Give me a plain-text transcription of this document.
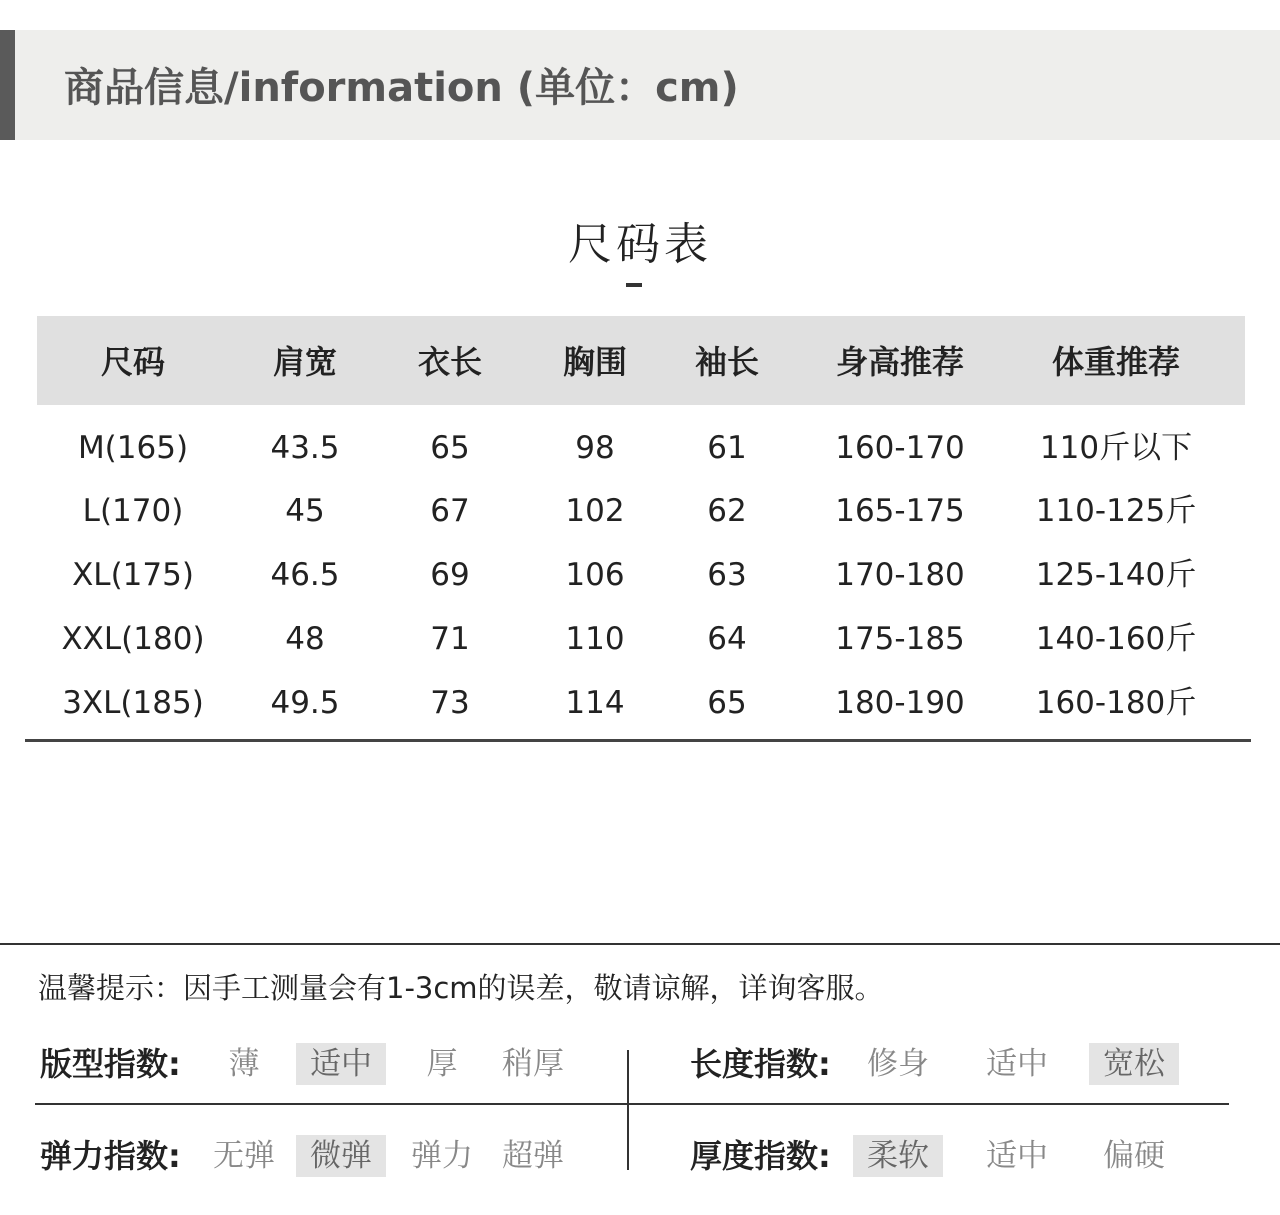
商品信息/information (单位：cm)
尺码表
尺码	肩宽	衣长	胸围	袖长	身高推荐	体重推荐
M(165)	43.5	65	98	61	160-170	110斤以下
L(170)	45	67	102	62	165-175	110-125斤
XL(175)	46.5	69	106	63	170-180	125-140斤
XXL(180)	48	71	110	64	175-185	140-160斤
3XL(185)	49.5	73	114	65	180-190	160-180斤
温馨提示：因手工测量会有1-3cm的误差，敬请谅解，详询客服。
版型指数:	薄	适中	厚	稍厚	长度指数:	修身	适中	宽松
弹力指数:	无弹	微弹	弹力 超弹	厚度指数:	柔软	适中	偏硬
